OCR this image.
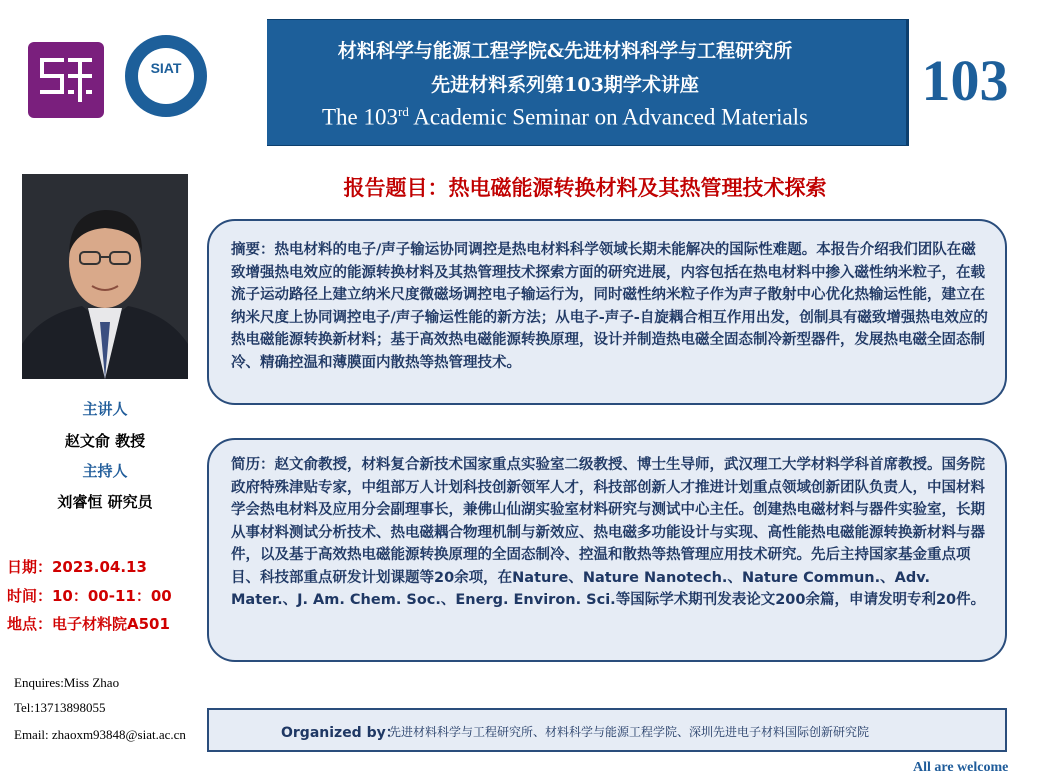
SIAT
材料科学与能源工程学院&先进材料科学与工程研究所
先进材料系列第103期学术讲座
The 103rd Academic Seminar on Advanced Materials
103
报告题目：热电磁能源转换材料及其热管理技术探索

摘要：热电材料的电子/声子输运协同调控是热电材料科学领域长期未能解决的国际性难题。本报告介绍我们团队在磁致增强热电效应的能源转换材料及其热管理技术探索方面的研究进展，内容包括在热电材料中掺入磁性纳米粒子，在载流子运动路径上建立纳米尺度微磁场调控电子输运行为，同时磁性纳米粒子作为声子散射中心优化热输运性能，建立在纳米尺度上协同调控电子/声子输运性能的新方法；从电子-声子-自旋耦合相互作用出发，创制具有磁致增强热电效应的热电磁能源转换新材料；基于高效热电磁能源转换原理，设计并制造热电磁全固态制冷新型器件，发展热电磁全固态制冷、精确控温和薄膜面内散热等热管理技术。

简历：赵文俞教授，材料复合新技术国家重点实验室二级教授、博士生导师，武汉理工大学材料学科首席教授。国务院政府特殊津贴专家，中组部万人计划科技创新领军人才，科技部创新人才推进计划重点领域创新团队负责人，中国材料学会热电材料及应用分会副理事长，兼佛山仙湖实验室材料研究与测试中心主任。创建热电磁材料与器件实验室，长期从事材料测试分析技术、热电磁耦合物理机制与新效应、热电磁多功能设计与实现、高性能热电磁能源转换新材料与器件，以及基于高效热电磁能源转换原理的全固态制冷、控温和散热等热管理应用技术研究。先后主持国家基金重点项目、科技部重点研发计划课题等20余项，在Nature、Nature Nanotech.、Nature Commun.、Adv. Mater.、J. Am. Chem. Soc.、Energ. Environ. Sci.等国际学术期刊发表论文200余篇，申请发明专利20件。

主讲人
赵文俞 教授
主持人
刘睿恒 研究员
日期：2023.04.13
时间：10：00-11：00
地点：电子材料院A501
Enquires:Miss Zhao
Tel:13713898055
Email: zhaoxm93848@siat.ac.cn	Organized by：
先进材料科学与工程研究所、材料科学与能源工程学院、深圳先进电子材料国际创新研究院
All are welcome
